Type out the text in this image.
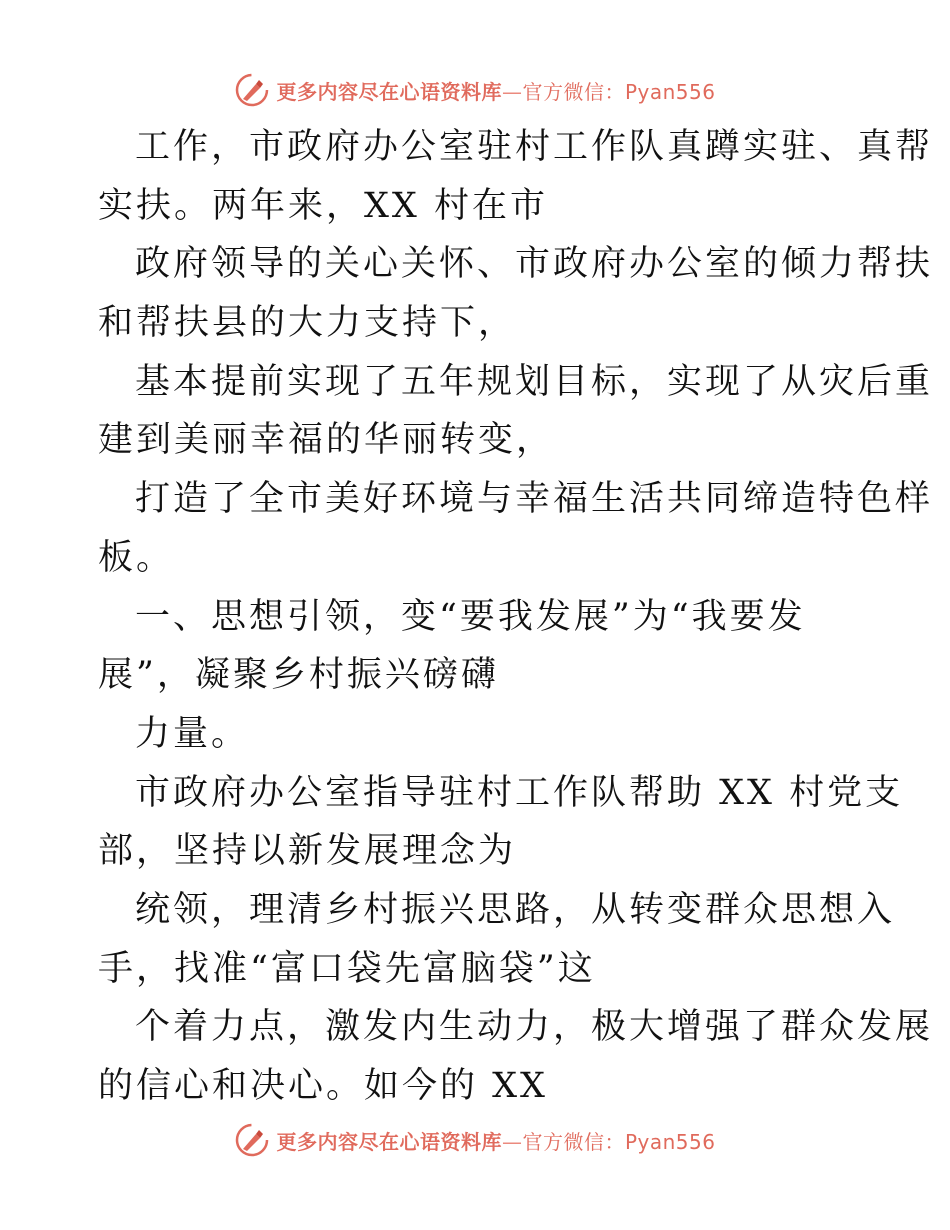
更多内容尽在心语资料库—官方微信：Pyan556
工作，市政府办公室驻村工作队真蹲实驻、真帮
实扶。两年来，XX 村在市
政府领导的关心关怀、市政府办公室的倾力帮扶
和帮扶县的大力支持下，
基本提前实现了五年规划目标，实现了从灾后重
建到美丽幸福的华丽转变，
打造了全市美好环境与幸福生活共同缔造特色样
板。
一、思想引领，变“要我发展”为“我要发
展”，凝聚乡村振兴磅礴
力量。
市政府办公室指导驻村工作队帮助 XX 村党支
部，坚持以新发展理念为
统领，理清乡村振兴思路，从转变群众思想入
手，找准“富口袋先富脑袋”这
个着力点，激发内生动力，极大增强了群众发展
的信心和决心。如今的 XX
更多内容尽在心语资料库—官方微信：Pyan556
